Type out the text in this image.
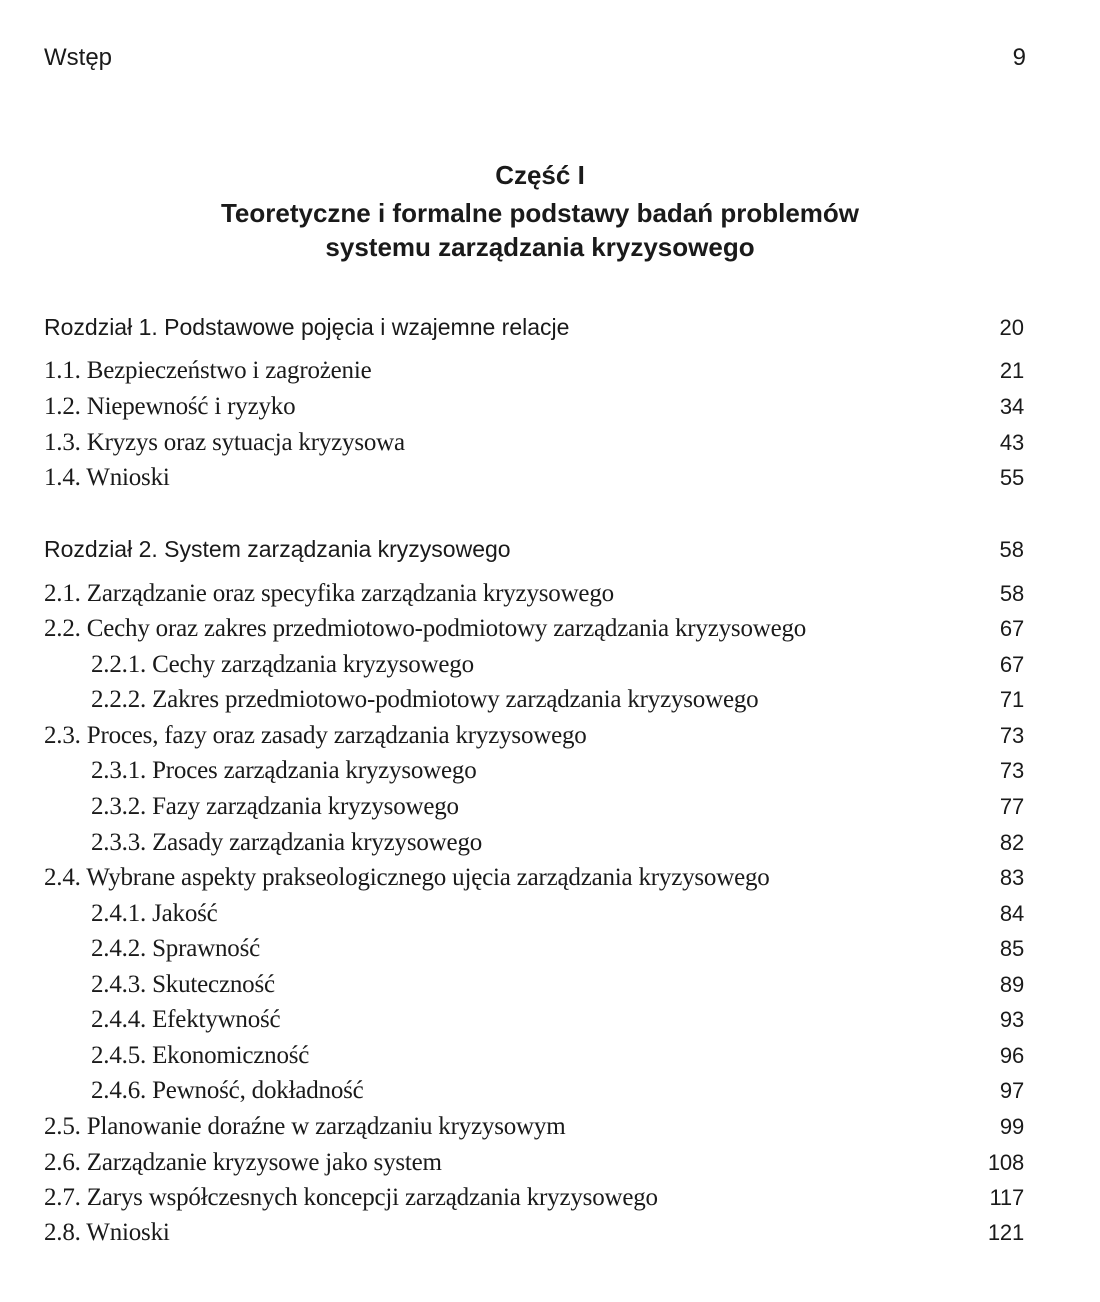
Wstęp	9
Część I
Teoretyczne i formalne podstawy badań problemów
systemu zarządzania kryzysowego
Rozdział 1. Podstawowe pojęcia i wzajemne relacje	20
1.1. Bezpieczeństwo i zagrożenie	21
1.2. Niepewność i ryzyko	34
1.3. Kryzys oraz sytuacja kryzysowa	43
1.4. Wnioski	55
Rozdział 2. System zarządzania kryzysowego	58
2.1. Zarządzanie oraz specyfika zarządzania kryzysowego	58
2.2. Cechy oraz zakres przedmiotowo-podmiotowy zarządzania kryzysowego	67
2.2.1. Cechy zarządzania kryzysowego	67
2.2.2. Zakres przedmiotowo-podmiotowy zarządzania kryzysowego	71
2.3. Proces, fazy oraz zasady zarządzania kryzysowego	73
2.3.1. Proces zarządzania kryzysowego	73
2.3.2. Fazy zarządzania kryzysowego	77
2.3.3. Zasady zarządzania kryzysowego	82
2.4. Wybrane aspekty prakseologicznego ujęcia zarządzania kryzysowego	83
2.4.1. Jakość	84
2.4.2. Sprawność	85
2.4.3. Skuteczność	89
2.4.4. Efektywność	93
2.4.5. Ekonomiczność	96
2.4.6. Pewność, dokładność	97
2.5. Planowanie doraźne w zarządzaniu kryzysowym	99
2.6. Zarządzanie kryzysowe jako system	108
2.7. Zarys współczesnych koncepcji zarządzania kryzysowego	117
2.8. Wnioski	121
